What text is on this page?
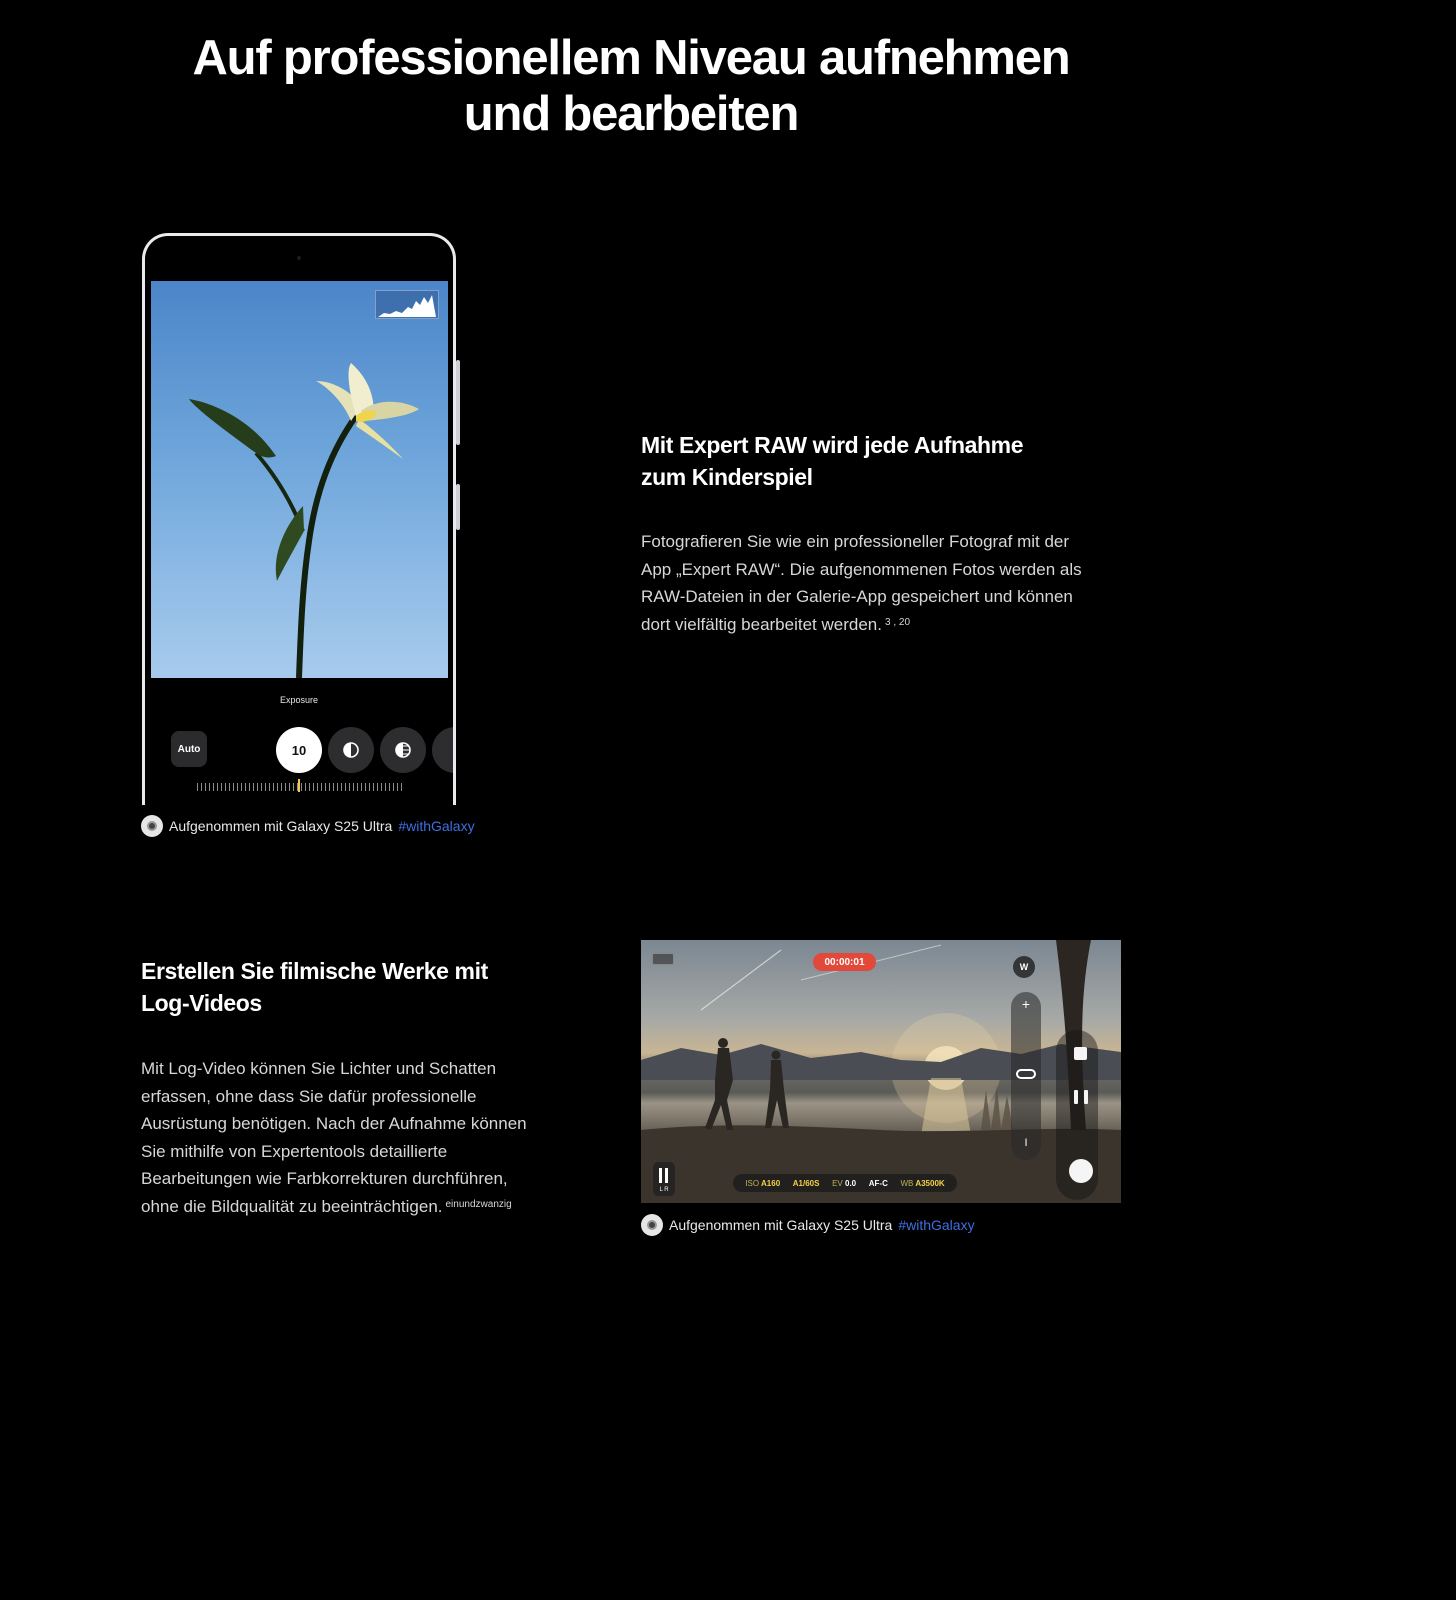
Auf professionellem Niveau aufnehmen
und bearbeiten
Exposure
Auto	10
Aufgenommen mit Galaxy S25 Ultra #withGalaxy
Mit Expert RAW wird jede Aufnahme
zum Kinderspiel

Fotografieren Sie wie ein professioneller Fotograf mit der
App „Expert RAW“. Die aufgenommenen Fotos werden als
RAW-Dateien in der Galerie-App gespeichert und können
dort vielfältig bearbeitet werden. $^{3 , 20}$

Erstellen Sie filmische Werke mit
Log-Videos

Mit Log-Video können Sie Lichter und Schatten
erfassen, ohne dass Sie dafür professionelle
Ausrüstung benötigen. Nach der Aufnahme können
Sie mithilfe von Expertentools detaillierte
Bearbeitungen wie Farbkorrekturen durchführen,
ohne die Bildqualität zu beeinträchtigen. $^{einundzwanzig}$

00:00:01	W
+
I
L R
ISO A160 A1/60S EV 0.0 AF-C WB A3500K
Aufgenommen mit Galaxy S25 Ultra #withGalaxy
